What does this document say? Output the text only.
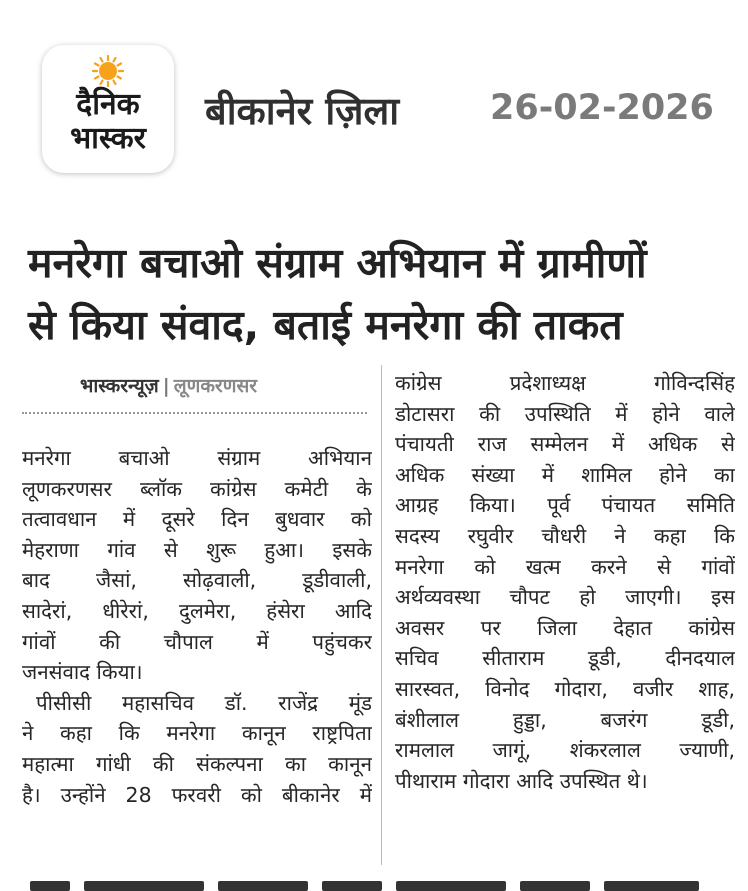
दैनिक
भास्कर
बीकानेर ज़िला	26-02-2026
मनरेगा बचाओ संग्राम अभियान में ग्रामीणों
से किया संवाद, बताई मनरेगा की ताकत
भास्करन्यूज़ | लूणकरणसर
मनरेगा बचाओ संग्राम अभियान
लूणकरणसर ब्लॉक कांग्रेस कमेटी के
तत्वावधान में दूसरे दिन बुधवार को
मेहराणा गांव से शुरू हुआ। इसके
बाद जैसां, सोढ़वाली, डूडीवाली,
सादेरां, धीरेरां, दुलमेरा, हंसेरा आदि
गांवों की चौपाल में पहुंचकर
जनसंवाद किया।
पीसीसी महासचिव डॉ. राजेंद्र मूंड
ने कहा कि मनरेगा कानून राष्ट्रपिता
महात्मा गांधी की संकल्पना का कानून
है। उन्होंने 28 फरवरी को बीकानेर में
कांग्रेस प्रदेशाध्यक्ष गोविन्दसिंह
डोटासरा की उपस्थिति में होने वाले
पंचायती राज सम्मेलन में अधिक से
अधिक संख्या में शामिल होने का
आग्रह किया। पूर्व पंचायत समिति
सदस्य रघुवीर चौधरी ने कहा कि
मनरेगा को खत्म करने से गांवों
अर्थव्यवस्था चौपट हो जाएगी। इस
अवसर पर जिला देहात कांग्रेस
सचिव सीताराम डूडी, दीनदयाल
सारस्वत, विनोद गोदारा, वजीर शाह,
बंशीलाल हुड्डा, बजरंग डूडी,
रामलाल जागूं, शंकरलाल ज्याणी,
पीथाराम गोदारा आदि उपस्थित थे।
